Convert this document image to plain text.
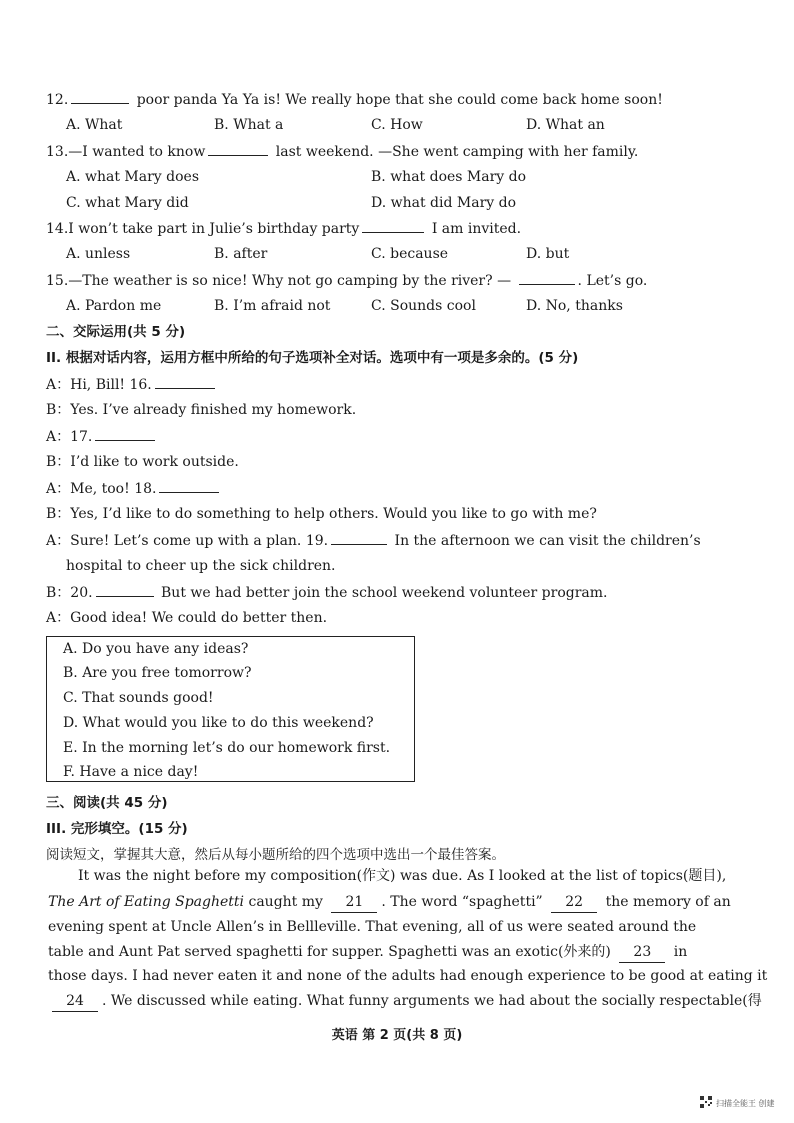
12.	poor panda Ya Ya is! We really hope that she could come back home soon!
A. What	B. What a	C. How	D. What an
13.—I wanted to know	last weekend. —She went camping with her family.
A. what Mary does	B. what does Mary do
C. what Mary did	D. what did Mary do
14.I won’t take part in Julie’s birthday party	I am invited.
A. unless	B. after	C. because	D. but
15.—The weather is so nice! Why not go camping by the river? —	. Let’s go.
A. Pardon me	B. I’m afraid not	C. Sounds cool	D. No, thanks
二、交际运用(共 5 分)
II. 根据对话内容，运用方框中所给的句子选项补全对话。选项中有一项是多余的。(5 分)
A：Hi, Bill! 16.
B：Yes. I’ve already finished my homework.
A：17.
B：I’d like to work outside.
A：Me, too! 18.
B：Yes, I’d like to do something to help others. Would you like to go with me?
A：Sure! Let’s come up with a plan. 19.	In the afternoon we can visit the children’s
hospital to cheer up the sick children.
B：20.	But we had better join the school weekend volunteer program.
A：Good idea! We could do better then.
A. Do you have any ideas?
B. Are you free tomorrow?
C. That sounds good!
D. What would you like to do this weekend?
E. In the morning let’s do our homework first.
F. Have a nice day!
三、阅读(共 45 分)
III. 完形填空。(15 分)
阅读短文，掌握其大意，然后从每小题所给的四个选项中选出一个最佳答案。
It was the night before my composition(作文) was due. As I looked at the list of topics(题目),
The Art of Eating Spaghetti caught my 21 . The word “spaghetti” 22 the memory of an
evening spent at Uncle Allen’s in Bellleville. That evening, all of us were seated around the
table and Aunt Pat served spaghetti for supper. Spaghetti was an exotic(外来的) 23 in
those days. I had never eaten it and none of the adults had enough experience to be good at eating it
24 . We discussed while eating. What funny arguments we had about the socially respectable(得
英语 第 2 页(共 8 页)
扫描全能王 创建
